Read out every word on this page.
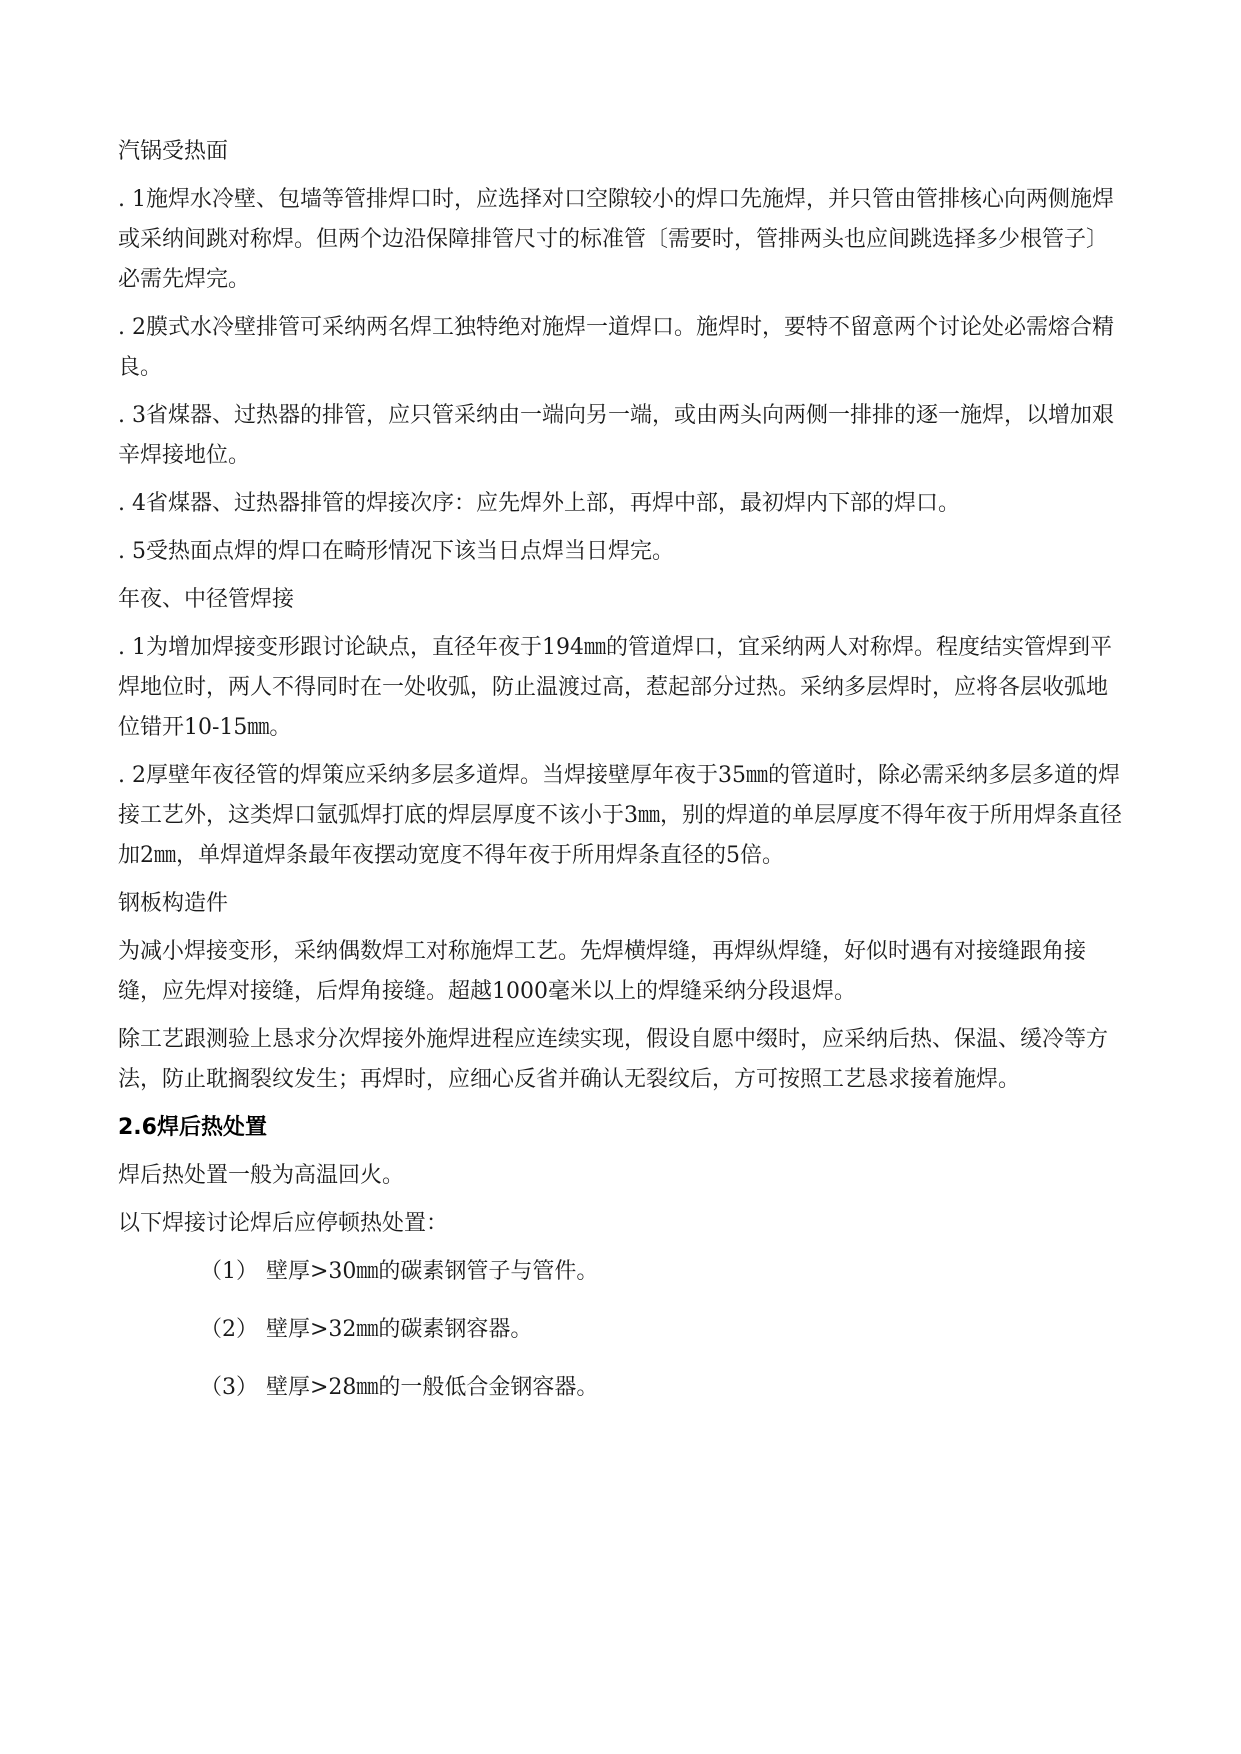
汽锅受热面

. 1施焊水冷壁、包墙等管排焊口时，应选择对口空隙较小的焊口先施焊，并只管由管排核心向两侧施焊或采纳间跳对称焊。但两个边沿保障排管尺寸的标准管〔需要时，管排两头也应间跳选择多少根管子〕必需先焊完。

. 2膜式水冷壁排管可采纳两名焊工独特绝对施焊一道焊口。施焊时，要特不留意两个讨论处必需熔合精良。

. 3省煤器、过热器的排管，应只管采纳由一端向另一端，或由两头向两侧一排排的逐一施焊，以增加艰辛焊接地位。

. 4省煤器、过热器排管的焊接次序：应先焊外上部，再焊中部，最初焊内下部的焊口。

. 5受热面点焊的焊口在畸形情况下该当日点焊当日焊完。

年夜、中径管焊接

. 1为增加焊接变形跟讨论缺点，直径年夜于194㎜的管道焊口，宜采纳两人对称焊。程度结实管焊到平焊地位时，两人不得同时在一处收弧，防止温渡过高，惹起部分过热。采纳多层焊时，应将各层收弧地位错开10-15㎜。

. 2厚壁年夜径管的焊策应采纳多层多道焊。当焊接壁厚年夜于35㎜的管道时，除必需采纳多层多道的焊接工艺外，这类焊口氩弧焊打底的焊层厚度不该小于3㎜，别的焊道的单层厚度不得年夜于所用焊条直径加2㎜，单焊道焊条最年夜摆动宽度不得年夜于所用焊条直径的5倍。

钢板构造件

为减小焊接变形，采纳偶数焊工对称施焊工艺。先焊横焊缝，再焊纵焊缝，好似时遇有对接缝跟角接缝，应先焊对接缝，后焊角接缝。超越1000毫米以上的焊缝采纳分段退焊。

除工艺跟测验上恳求分次焊接外施焊进程应连续实现，假设自愿中缀时，应采纳后热、保温、缓冷等方法，防止耽搁裂纹发生；再焊时，应细心反省并确认无裂纹后，方可按照工艺恳求接着施焊。

2.6焊后热处置

焊后热处置一般为高温回火。

以下焊接讨论焊后应停顿热处置：

（1） 壁厚>30㎜的碳素钢管子与管件。
（2） 壁厚>32㎜的碳素钢容器。
（3） 壁厚>28㎜的一般低合金钢容器。
